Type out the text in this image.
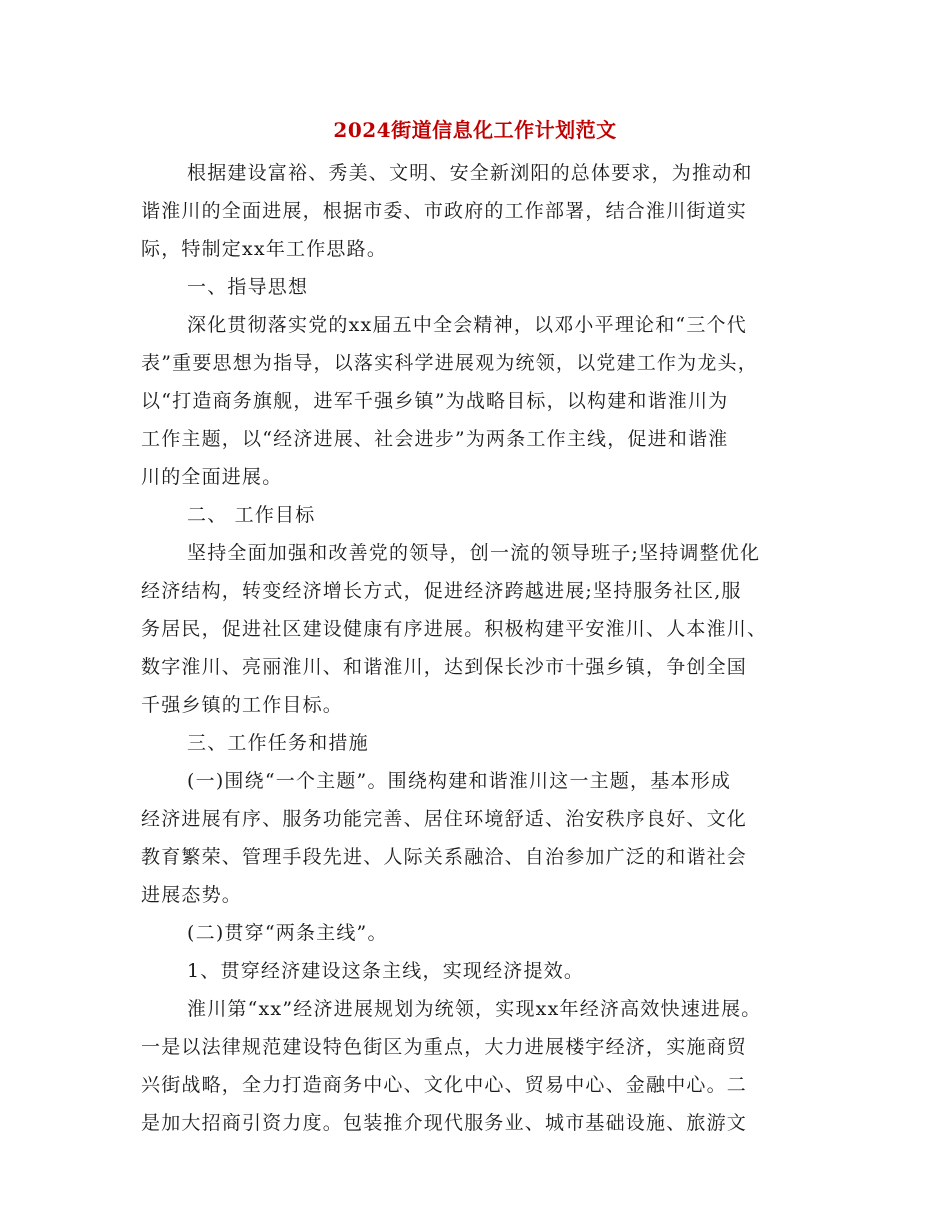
2024街道信息化工作计划范文
根据建设富裕、秀美、文明、安全新浏阳的总体要求，为推动和
谐淮川的全面进展，根据市委、市政府的工作部署，结合淮川街道实
际，特制定xx年工作思路。
一、指导思想
深化贯彻落实党的xx届五中全会精神，以邓小平理论和“三个代
表”重要思想为指导，以落实科学进展观为统领，以党建工作为龙头，
以“打造商务旗舰，进军千强乡镇”为战略目标，以构建和谐淮川为
工作主题，以“经济进展、社会进步”为两条工作主线，促进和谐淮
川的全面进展。
二、 工作目标
坚持全面加强和改善党的领导，创一流的领导班子;坚持调整优化
经济结构，转变经济增长方式，促进经济跨越进展;坚持服务社区,服
务居民，促进社区建设健康有序进展。积极构建平安淮川、人本淮川、
数字淮川、亮丽淮川、和谐淮川，达到保长沙市十强乡镇，争创全国
千强乡镇的工作目标。
三、工作任务和措施
(一)围绕“一个主题”。围绕构建和谐淮川这一主题，基本形成
经济进展有序、服务功能完善、居住环境舒适、治安秩序良好、文化
教育繁荣、管理手段先进、人际关系融洽、自治参加广泛的和谐社会
进展态势。
(二)贯穿“两条主线”。
1、贯穿经济建设这条主线，实现经济提效。
淮川第“xx”经济进展规划为统领，实现xx年经济高效快速进展。
一是以法律规范建设特色街区为重点，大力进展楼宇经济，实施商贸
兴街战略，全力打造商务中心、文化中心、贸易中心、金融中心。二
是加大招商引资力度。包装推介现代服务业、城市基础设施、旅游文
